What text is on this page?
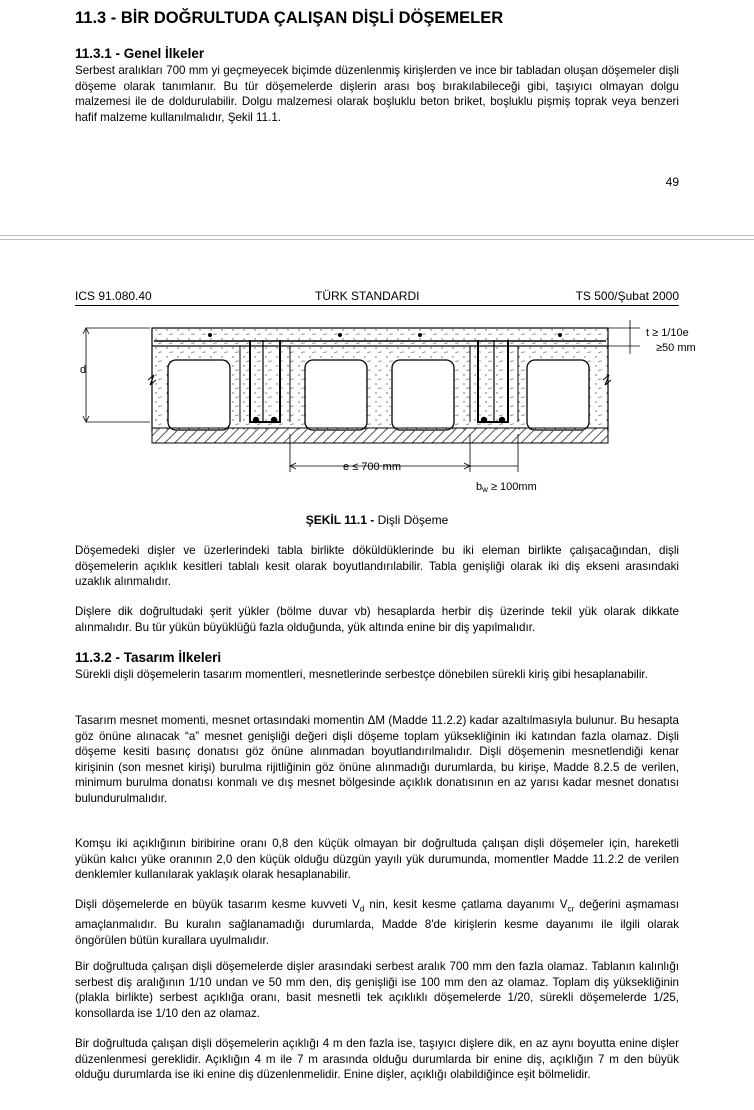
11.3 - BİR DOĞRULTUDA ÇALIŞAN DİŞLİ DÖŞEMELER
11.3.1 - Genel İlkeler
Serbest aralıkları 700 mm yi geçmeyecek biçimde düzenlenmiş kirişlerden ve ince bir tabladan oluşan döşemeler dişli döşeme olarak tanımlanır. Bu tür döşemelerde dişlerin arası boş bırakılabileceği gibi, taşıyıcı olmayan dolgu malzemesi ile de doldurulabilir. Dolgu malzemesi olarak boşluklu beton briket, boşluklu pişmiş toprak veya benzeri hafif malzeme kullanılmalıdır, Şekil 11.1.
49
ICS 91.080.40	TÜRK STANDARDI	TS 500/Şubat 2000
d
t ≥ 1/10e
≥50 mm
e ≤ 700 mm
bw ≥ 100mm
ŞEKİL 11.1 - Dişli Döşeme
Döşemedeki dişler ve üzerlerindeki tabla birlikte döküldüklerinde bu iki eleman birlikte çalışacağından, dişli döşemelerin açıklık kesitleri tablalı kesit olarak boyutlandırılabilir. Tabla genişliği olarak iki diş ekseni arasındaki uzaklık alınmalıdır.
Dişlere dik doğrultudaki şerit yükler (bölme duvar vb) hesaplarda herbir diş üzerinde tekil yük olarak dikkate alınmalıdır. Bu tür yükün büyüklüğü fazla olduğunda, yük altında enine bir diş yapılmalıdır.
11.3.2 - Tasarım İlkeleri
Sürekli dişli döşemelerin tasarım momentleri, mesnetlerinde serbestçe dönebilen sürekli kiriş gibi hesaplanabilir.
Tasarım mesnet momenti, mesnet ortasındaki momentin ΔM (Madde 11.2.2) kadar azaltılmasıyla bulunur. Bu hesapta göz önüne alınacak “a” mesnet genişliği değeri dişli döşeme toplam yüksekliğinin iki katından fazla olamaz. Dişli döşeme kesiti basınç donatısı göz önüne alınmadan boyutlandırılmalıdır. Dişli döşemenin mesnetlendiği kenar kirişinin (son mesnet kirişi) burulma rijitliğinin göz önüne alınmadığı durumlarda, bu kirişe, Madde 8.2.5 de verilen, minimum burulma donatısı konmalı ve dış mesnet bölgesinde açıklık donatısının en az yarısı kadar mesnet donatısı bulundurulmalıdır.
Komşu iki açıklığının biribirine oranı 0,8 den küçük olmayan bir doğrultuda çalışan dişli döşemeler için, hareketli yükün kalıcı yüke oranının 2,0 den küçük olduğu düzgün yayılı yük durumunda, momentler Madde 11.2.2 de verilen denklemler kullanılarak yaklaşık olarak hesaplanabilir.
Dişli döşemelerde en büyük tasarım kesme kuvveti $V_d$ nin, kesit kesme çatlama dayanımı $V_{cr}$ değerini aşmaması amaçlanmalıdır. Bu kuralın sağlanamadığı durumlarda, Madde 8'de kirişlerin kesme dayanımı ile ilgili olarak öngörülen bütün kurallara uyulmalıdır.
Bir doğrultuda çalışan dişli döşemelerde dişler arasındaki serbest aralık 700 mm den fazla olamaz. Tablanın kalınlığı serbest diş aralığının 1/10 undan ve 50 mm den, diş genişliği ise 100 mm den az olamaz. Toplam diş yüksekliğinin (plakla birlikte) serbest açıklığa oranı, basit mesnetli tek açıklıklı döşemelerde 1/20, sürekli döşemelerde 1/25, konsollarda ise 1/10 den az olamaz.
Bir doğrultuda çalışan dişli döşemelerin açıklığı 4 m den fazla ise, taşıyıcı dişlere dik, en az aynı boyutta enine dişler düzenlenmesi gereklidir. Açıklığın 4 m ile 7 m arasında olduğu durumlarda bir enine diş, açıklığın 7 m den büyük olduğu durumlarda ise iki enine diş düzenlenmelidir. Enine dişler, açıklığı olabildiğince eşit bölmelidir.
